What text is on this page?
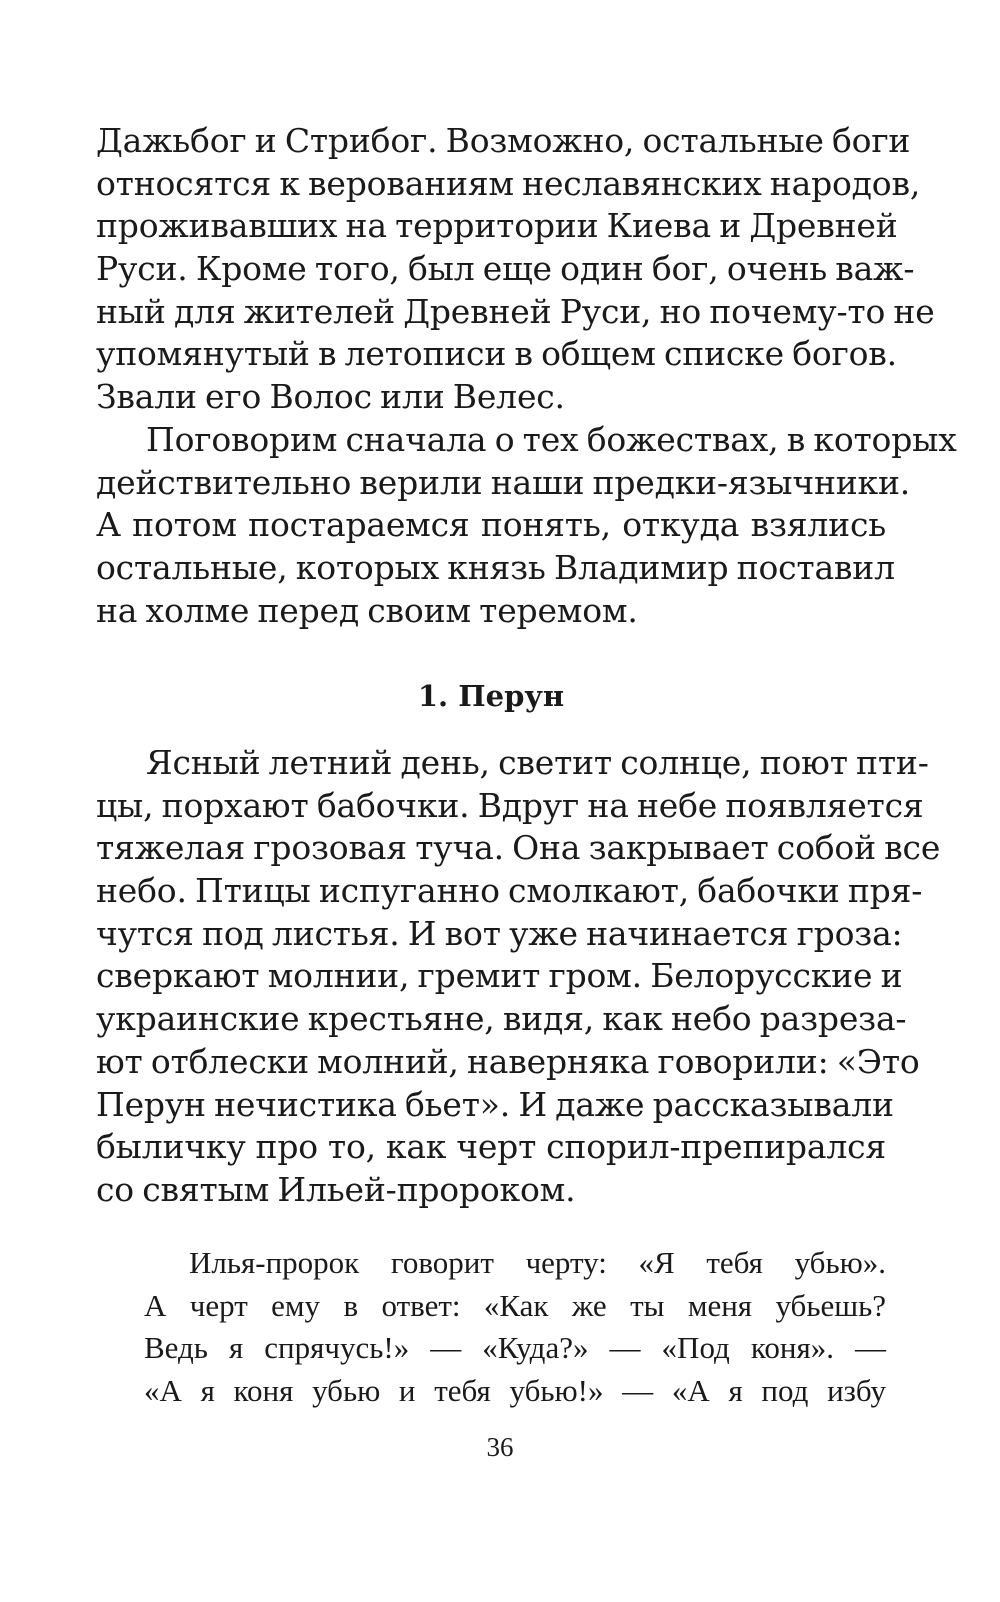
Дажьбог и Стрибог. Возможно, остальные боги
относятся к верованиям неславянских народов,
проживавших на территории Киева и Древней
Руси. Кроме того, был еще один бог, очень важ-
ный для жителей Древней Руси, но почему-то не
упомянутый в летописи в общем списке богов.
Звали его Волос или Велес.
Поговорим сначала о тех божествах, в которых
действительно верили наши предки-язычники.
А потом постараемся понять, откуда взялись
остальные, которых князь Владимир поставил
на холме перед своим теремом.
1. Перун
Ясный летний день, светит солнце, поют пти-
цы, порхают бабочки. Вдруг на небе появляется
тяжелая грозовая туча. Она закрывает собой все
небо. Птицы испуганно смолкают, бабочки пря-
чутся под листья. И вот уже начинается гроза:
сверкают молнии, гремит гром. Белорусские и
украинские крестьяне, видя, как небо разреза-
ют отблески молний, наверняка говорили: «Это
Перун нечистика бьет». И даже рассказывали
быличку про то, как черт спорил-препирался
со святым Ильей-пророком.
Илья-пророк говорит черту: «Я тебя убью».
А черт ему в ответ: «Как же ты меня убьешь?
Ведь я спрячусь!» — «Куда?» — «Под коня». —
«А я коня убью и тебя убью!» — «А я под избу
36
